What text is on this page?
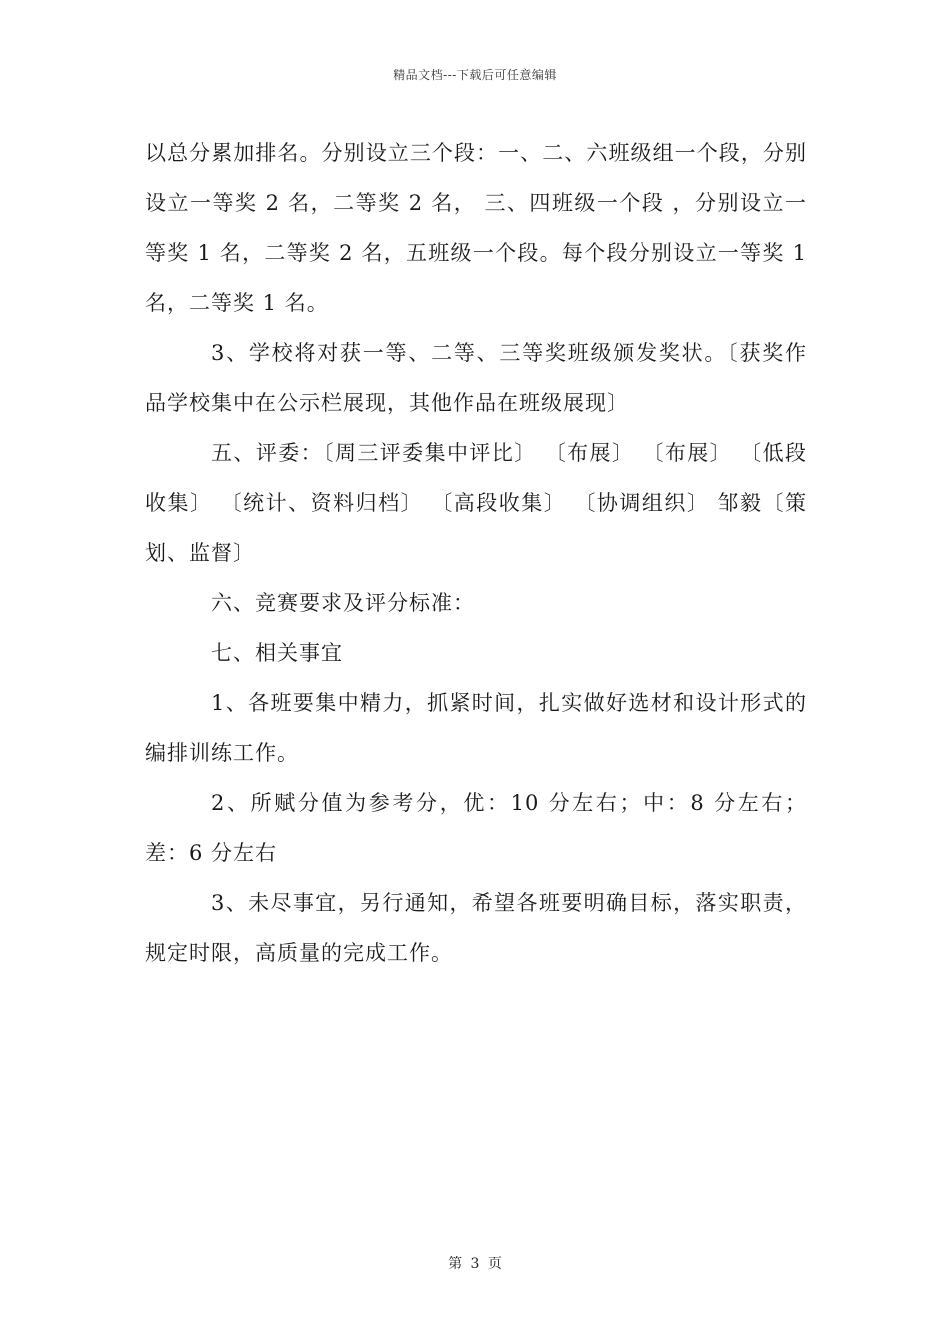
精品文档---下载后可任意编辑

以总分累加排名。分别设立三个段：一、二、六班级组一个段，分别设立一等奖 2 名，二等奖 2 名， 三、四班级一个段 ，分别设立一等奖 1 名，二等奖 2 名，五班级一个段。每个段分别设立一等奖 1 名，二等奖 1 名。

3、学校将对获一等、二等、三等奖班级颁发奖状。〔获奖作品学校集中在公示栏展现，其他作品在班级展现〕

五、评委：〔周三评委集中评比〕 〔布展〕 〔布展〕 〔低段收集〕 〔统计、资料归档〕 〔高段收集〕 〔协调组织〕 邹毅〔策划、监督〕

六、竞赛要求及评分标准：

七、相关事宜

1、各班要集中精力，抓紧时间，扎实做好选材和设计形式的编排训练工作。

2、所赋分值为参考分，优：10 分左右；中：8 分左右；差：6 分左右

3、未尽事宜，另行通知，希望各班要明确目标，落实职责，规定时限，高质量的完成工作。

第 3 页
